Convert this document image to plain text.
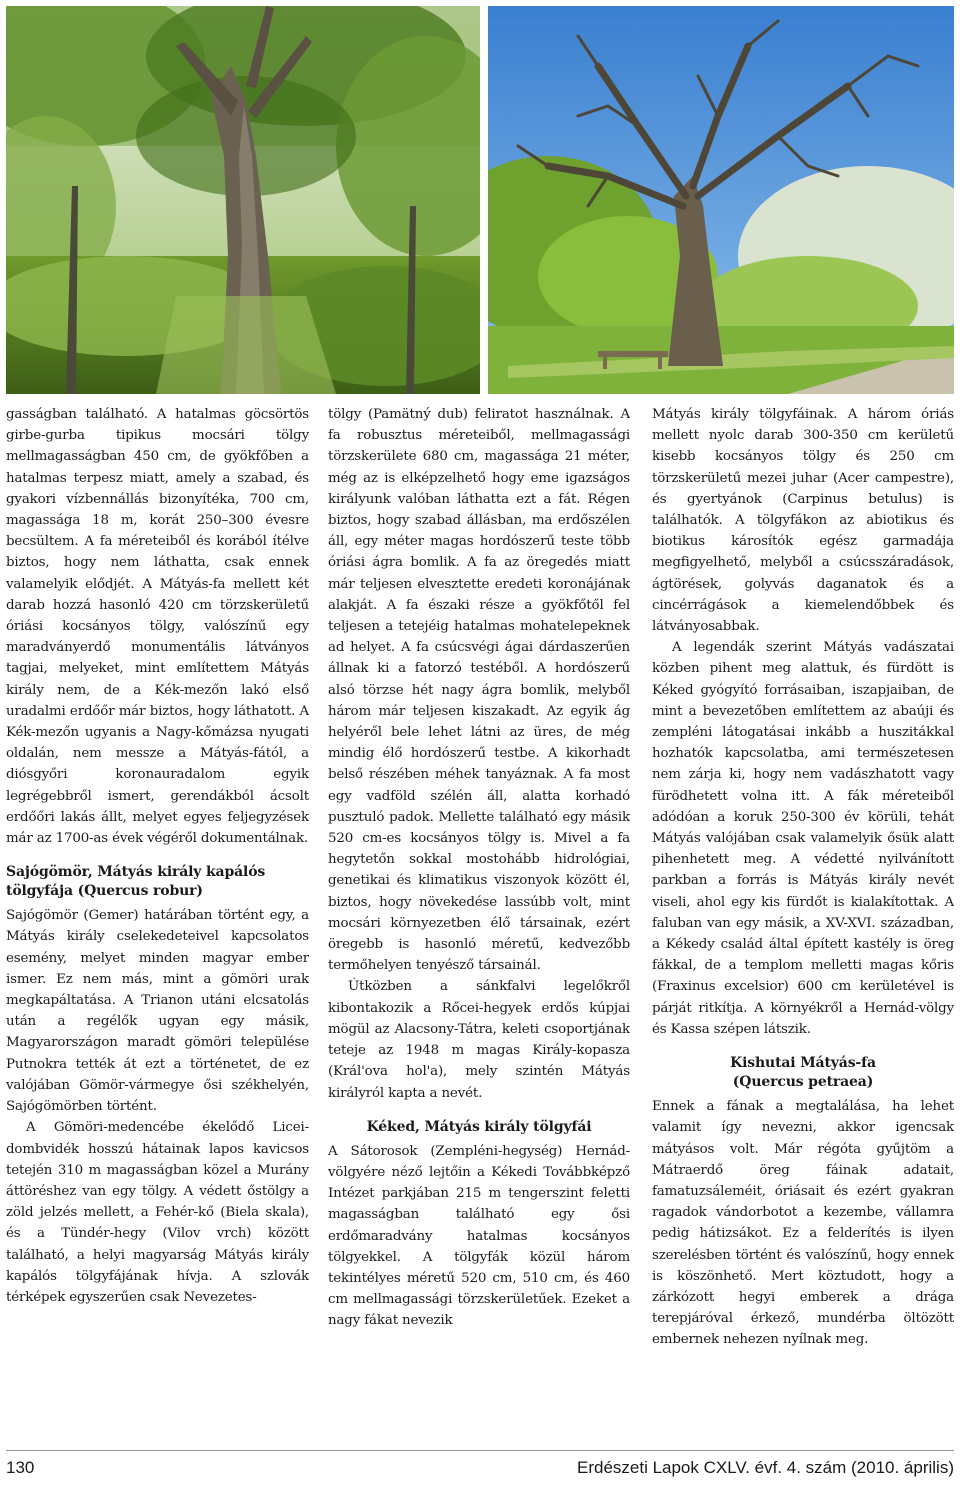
gasságban található. A hatalmas göcsörtös girbe-gurba tipikus mocsári tölgy mellmagasságban 450 cm, de gyökfőben a hatalmas terpesz miatt, amely a szabad, és gyakori vízbennállás bizonyítéka, 700 cm, magassága 18 m, korát 250–300 évesre becsültem. A fa méreteiből és korából ítélve biztos, hogy nem láthatta, csak ennek valamelyik elődjét. A Mátyás-fa mellett két darab hozzá hasonló 420 cm törzskerületű óriási kocsányos tölgy, valószínű egy maradványerdő monumentális látványos tagjai, melyeket, mint említettem Mátyás király nem, de a Kék-mezőn lakó első uradalmi erdőőr már biztos, hogy láthatott. A Kék-mezőn ugyanis a Nagy-kőmázsa nyugati oldalán, nem messze a Mátyás-fától, a diósgyőri koronauradalom egyik legrégebbről ismert, gerendákból ácsolt erdőőri lakás állt, melyet egyes feljegyzések már az 1700-as évek végéről dokumentálnak.

Sajógömör, Mátyás király kapálós tölgyfája (Quercus robur)

Sajógömör (Gemer) határában történt egy, a Mátyás király cselekedeteivel kapcsolatos esemény, melyet minden magyar ember ismer. Ez nem más, mint a gömöri urak megkapáltatása. A Trianon utáni elcsatolás után a regélők ugyan egy másik, Magyarországon maradt gömöri települése Putnokra tették át ezt a történetet, de ez valójában Gömör-vármegye ősi székhelyén, Sajógömörben történt.

A Gömöri-medencébe ékelődő Licei-dombvidék hosszú hátainak lapos kavicsos tetején 310 m magasságban közel a Murány áttöréshez van egy tölgy. A védett őstölgy a zöld jelzés mellett, a Fehér-kő (Biela skala), és a Tündér-hegy (Vilov vrch) között található, a helyi magyarság Mátyás király kapálós tölgyfájának hívja. A szlovák térképek egyszerűen csak Nevezetes-

tölgy (Pamätný dub) feliratot használnak. A fa robusztus méreteiből, mellmagassági törzskerülete 680 cm, magassága 21 méter, még az is elképzelhető hogy eme igazságos királyunk valóban láthatta ezt a fát. Régen biztos, hogy szabad állásban, ma erdőszélen áll, egy méter magas hordószerű teste több óriási ágra bomlik. A fa az öregedés miatt már teljesen elvesztette eredeti koronájának alakját. A fa északi része a gyökfőtől fel teljesen a tetejéig hatalmas mohatelepeknek ad helyet. A fa csúcsvégi ágai dárdaszerűen állnak ki a fatorzó testéből. A hordószerű alsó törzse hét nagy ágra bomlik, melyből három már teljesen kiszakadt. Az egyik ág helyéről bele lehet látni az üres, de még mindig élő hordószerű testbe. A kikorhadt belső részében méhek tanyáznak. A fa most egy vadföld szélén áll, alatta korhadó pusztuló padok. Mellette található egy másik 520 cm-es kocsányos tölgy is. Mivel a fa hegytetőn sokkal mostohább hidrológiai, genetikai és klimatikus viszonyok között él, biztos, hogy növekedése lassúbb volt, mint mocsári környezetben élő társainak, ezért öregebb is hasonló méretű, kedvezőbb termőhelyen tenyésző társainál.

Útközben a sánkfalvi legelőkről kibontakozik a Rőcei-hegyek erdős kúpjai mögül az Alacsony-Tátra, keleti csoportjának teteje az 1948 m magas Király-kopasza (Král'ova hol'a), mely szintén Mátyás királyról kapta a nevét.

Kéked, Mátyás király tölgyfái

A Sátorosok (Zempléni-hegység) Hernád-völgyére néző lejtőin a Kékedi Továbbképző Intézet parkjában 215 m tengerszint feletti magasságban található egy ősi erdőmaradvány hatalmas kocsányos tölgyekkel. A tölgyfák közül három tekintélyes méretű 520 cm, 510 cm, és 460 cm mellmagassági törzskerületűek. Ezeket a nagy fákat nevezik

Mátyás király tölgyfáinak. A három óriás mellett nyolc darab 300-350 cm kerületű kisebb kocsányos tölgy és 250 cm törzskerületű mezei juhar (Acer campestre), és gyertyánok (Carpinus betulus) is találhatók. A tölgyfákon az abiotikus és biotikus károsítók egész garmadája megfigyelhető, melyből a csúcsszáradások, ágtörések, golyvás daganatok és a cincérrágások a kiemelendőbbek és látványosabbak.

A legendák szerint Mátyás vadászatai közben pihent meg alattuk, és fürdött is Kéked gyógyító forrásaiban, iszapjaiban, de mint a bevezetőben említettem az abaúji és zempléni látogatásai inkább a huszitákkal hozhatók kapcsolatba, ami természetesen nem zárja ki, hogy nem vadászhatott vagy fürödhetett volna itt. A fák méreteiből adódóan a koruk 250-300 év körüli, tehát Mátyás valójában csak valamelyik ősük alatt pihenhetett meg. A védetté nyilvánított parkban a forrás is Mátyás király nevét viseli, ahol egy kis fürdőt is kialakítottak. A faluban van egy másik, a XV-XVI. században, a Kékedy család által épített kastély is öreg fákkal, de a templom melletti magas kőris (Fraxinus excelsior) 600 cm kerületével is párját ritkítja. A környékről a Hernád-völgy és Kassa szépen látszik.

Kishutai Mátyás-fa
(Quercus petraea)

Ennek a fának a megtalálása, ha lehet valamit így nevezni, akkor igencsak mátyásos volt. Már régóta gyűjtöm a Mátraerdő öreg fáinak adatait, famatuzsáleméit, óriásait és ezért gyakran ragadok vándorbotot a kezembe, vállamra pedig hátizsákot. Ez a felderítés is ilyen szerelésben történt és valószínű, hogy ennek is köszönhető. Mert köztudott, hogy a zárkózott hegyi emberek a drága terepjáróval érkező, mundérba öltözött embernek nehezen nyílnak meg.

130	Erdészeti Lapok CXLV. évf. 4. szám (2010. április)
